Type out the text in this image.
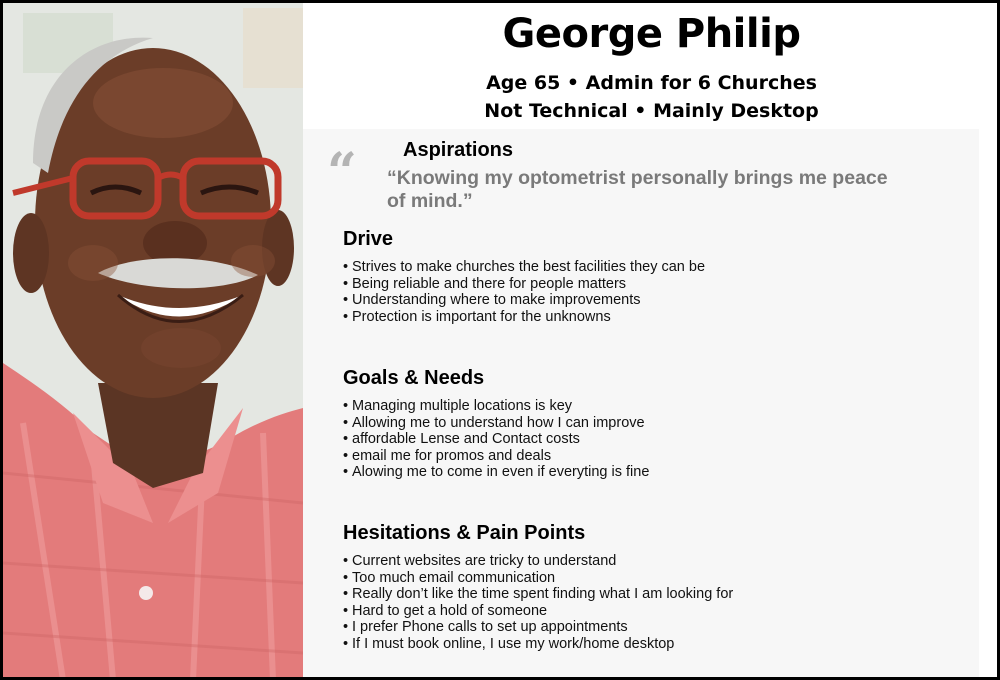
George Philip
Age 65 • Admin for 6 Churches
Not Technical • Mainly Desktop
“ Aspirations
“Knowing my optometrist personally brings me peace of mind.”
Drive
• Strives to make churches the best facilities they can be
• Being reliable and there for people matters
• Understanding where to make improvements
• Protection is important for the unknowns
Goals & Needs
• Managing multiple locations is key
• Allowing me to understand how I can improve
• affordable Lense and Contact costs
• email me for promos and deals
• Alowing me to come in even if everyting is fine
Hesitations & Pain Points
• Current websites are tricky to understand
• Too much email communication
• Really don’t like the time spent finding what I am looking for
• Hard to get a hold of someone
• I prefer Phone calls to set up appointments
• If I must book online, I use my work/home desktop
